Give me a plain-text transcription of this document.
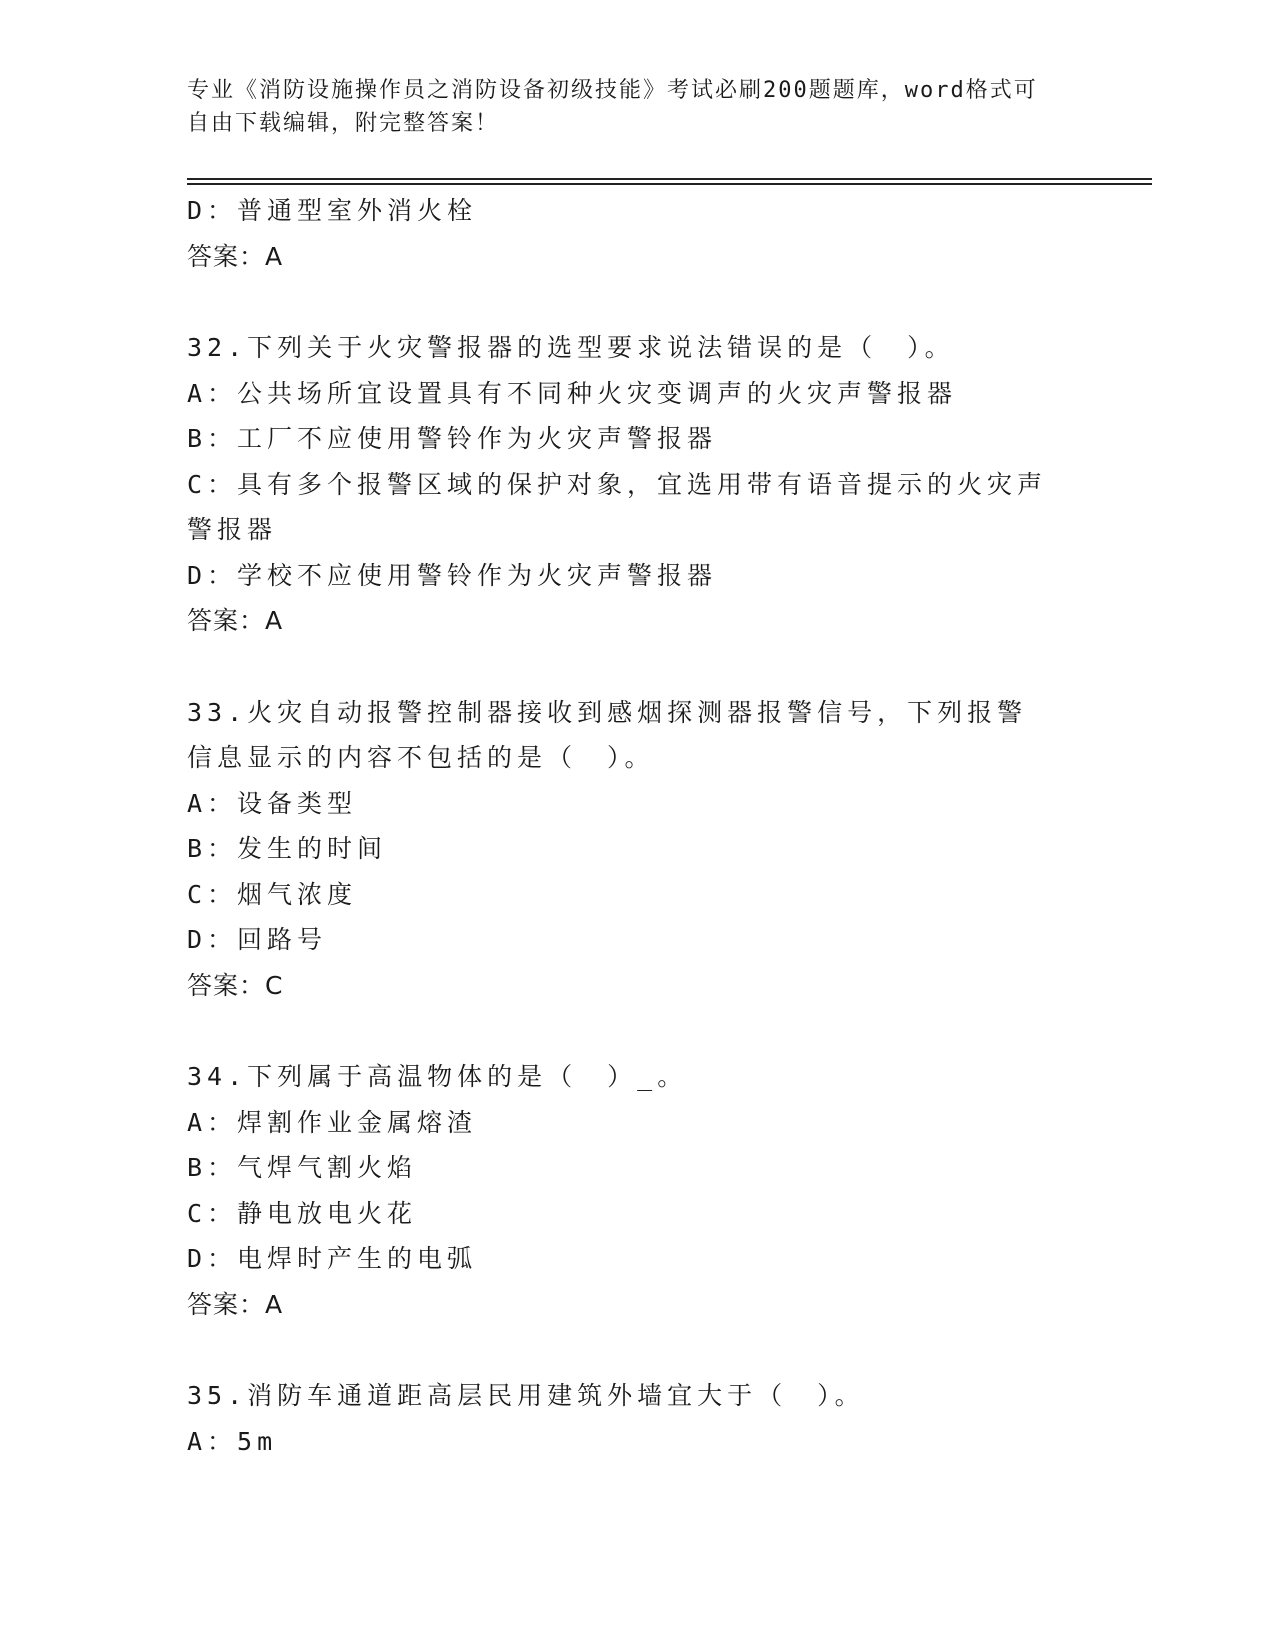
专业《消防设施操作员之消防设备初级技能》考试必刷200题题库，word格式可
自由下载编辑，附完整答案！
D：普通型室外消火栓
答案：A
32.下列关于火灾警报器的选型要求说法错误的是（　）。
A：公共场所宜设置具有不同种火灾变调声的火灾声警报器
B：工厂不应使用警铃作为火灾声警报器
C：具有多个报警区域的保护对象，宜选用带有语音提示的火灾声警报器
D：学校不应使用警铃作为火灾声警报器
答案：A
33.火灾自动报警控制器接收到感烟探测器报警信号，下列报警信息显示的内容不包括的是（　）。
A：设备类型
B：发生的时间
C：烟气浓度
D：回路号
答案：C
34.下列属于高温物体的是（　）_。
A：焊割作业金属熔渣
B：气焊气割火焰
C：静电放电火花
D：电焊时产生的电弧
答案：A
35.消防车通道距高层民用建筑外墙宜大于（　）。
A：5m
